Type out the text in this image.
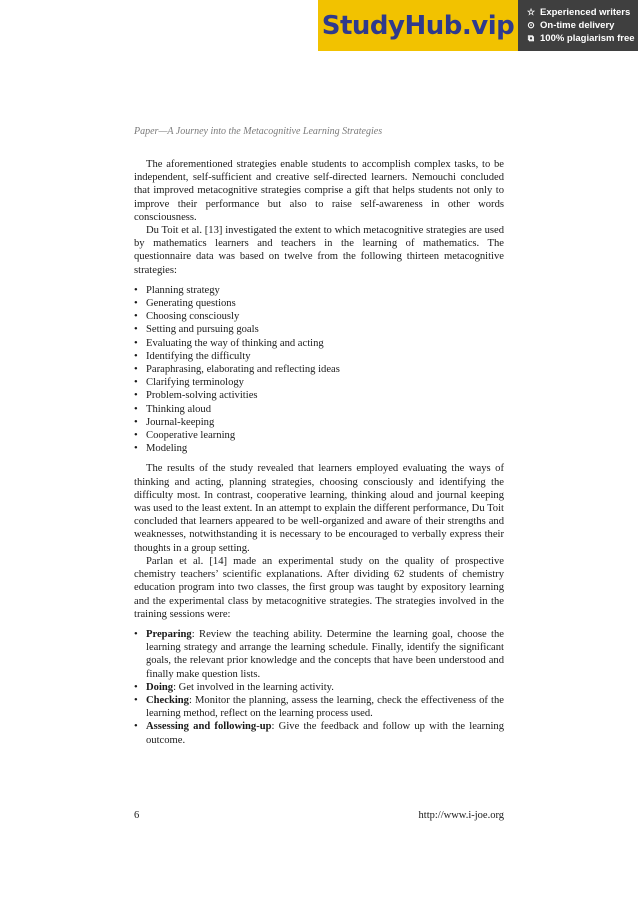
StudyHub.vip	☆ Experienced writers
⊙ On-time delivery
⧉ 100% plagiarism free
Paper—A Journey into the Metacognitive Learning Strategies

The aforementioned strategies enable students to accomplish complex tasks, to be independent, self-sufficient and creative self-directed learners. Nemouchi concluded that improved metacognitive strategies comprise a gift that helps students not only to improve their performance but also to raise self-awareness in other words consciousness.

Du Toit et al. [13] investigated the extent to which metacognitive strategies are used by mathematics learners and teachers in the learning of mathematics. The questionnaire data was based on twelve from the following thirteen metacognitive strategies:

• Planning strategy
• Generating questions
• Choosing consciously
• Setting and pursuing goals
• Evaluating the way of thinking and acting
• Identifying the difficulty
• Paraphrasing, elaborating and reflecting ideas
• Clarifying terminology
• Problem-solving activities
• Thinking aloud
• Journal-keeping
• Cooperative learning
• Modeling

The results of the study revealed that learners employed evaluating the ways of thinking and acting, planning strategies, choosing consciously and identifying the difficulty most. In contrast, cooperative learning, thinking aloud and journal keeping was used to the least extent. In an attempt to explain the different performance, Du Toit concluded that learners appeared to be well-organized and aware of their strengths and weaknesses, notwithstanding it is necessary to be encouraged to verbally express their thoughts in a group setting.

Parlan et al. [14] made an experimental study on the quality of prospective chemistry teachers’ scientific explanations. After dividing 62 students of chemistry education program into two classes, the first group was taught by expository learning and the experimental class by metacognitive strategies. The strategies involved in the training sessions were:

• Preparing: Review the teaching ability. Determine the learning goal, choose the learning strategy and arrange the learning schedule. Finally, identify the significant goals, the relevant prior knowledge and the concepts that have been understood and finally make question lists.
• Doing: Get involved in the learning activity.
• Checking: Monitor the planning, assess the learning, check the effectiveness of the learning method, reflect on the learning process used.
• Assessing and following-up: Give the feedback and follow up with the learning outcome.
6	http://www.i-joe.org
